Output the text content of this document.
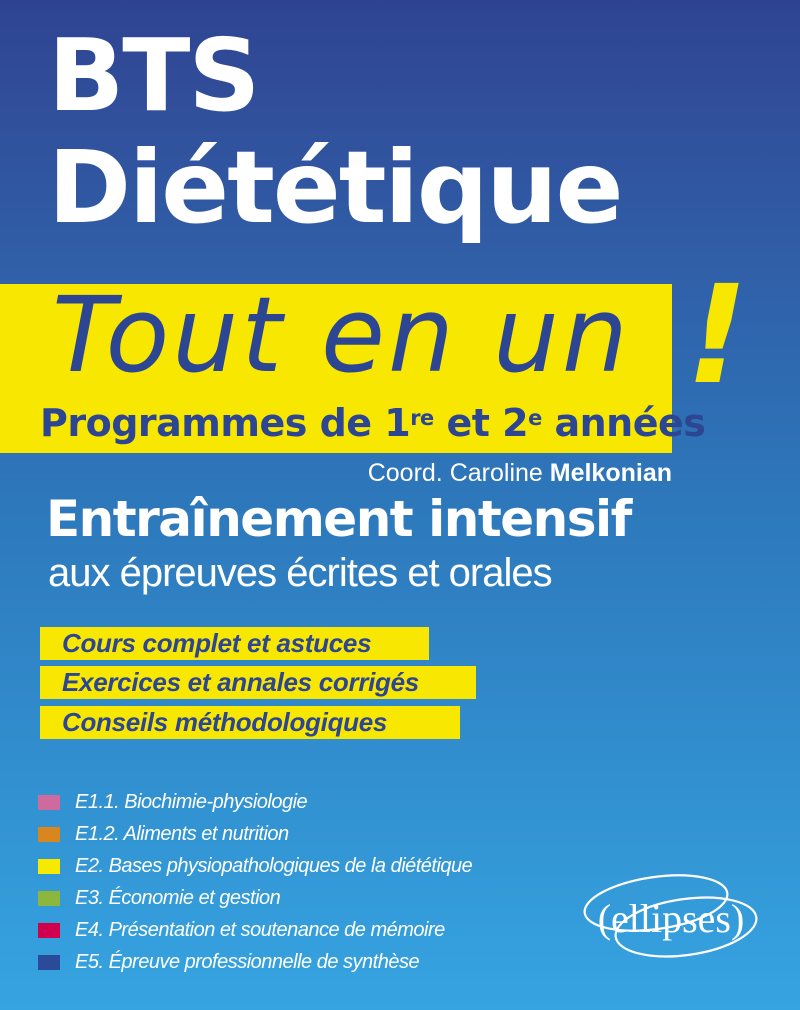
BTS
Diététique
Tout en un
Programmes de 1re et 2e années
!
Coord. Caroline Melkonian
Entraînement intensif
aux épreuves écrites et orales
Cours complet et astuces
Exercices et annales corrigés
Conseils méthodologiques
E1.1. Biochimie-physiologie
E1.2. Aliments et nutrition
E2. Bases physiopathologiques de la diététique
E3. Économie et gestion
E4. Présentation et soutenance de mémoire
E5. Épreuve professionnelle de synthèse
(ellipses)
